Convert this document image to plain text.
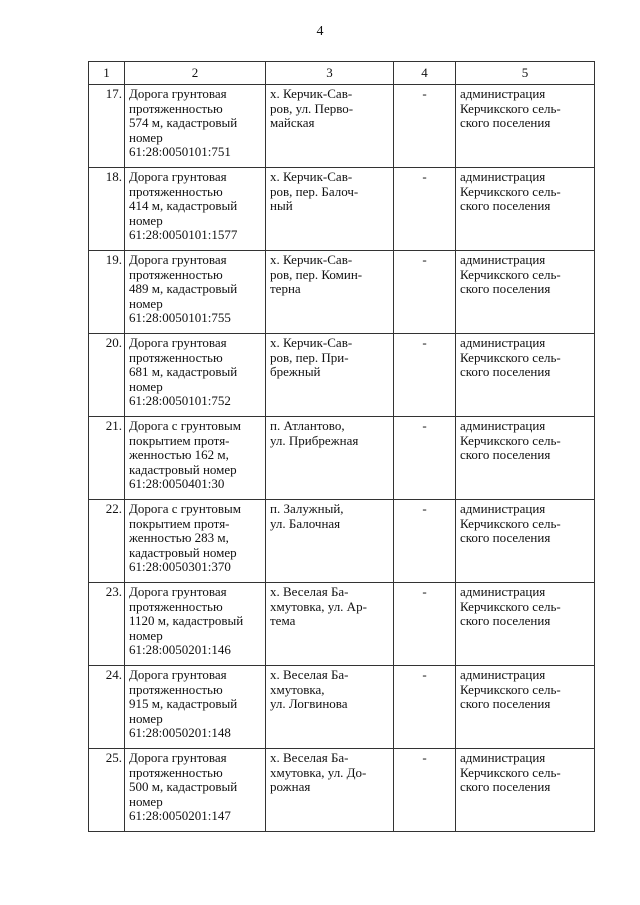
4
1	2	3	4	5
17.	Дорога грунтовая
протяженностью
574 м, кадастровый
номер
61:28:0050101:751	х. Керчик-Сав-
ров, ул. Перво-
майская	-	администрация
Керчикского сель-
ского поселения
18.	Дорога грунтовая
протяженностью
414 м, кадастровый
номер
61:28:0050101:1577	х. Керчик-Сав-
ров, пер. Балоч-
ный	-	администрация
Керчикского сель-
ского поселения
19.	Дорога грунтовая
протяженностью
489 м, кадастровый
номер
61:28:0050101:755	х. Керчик-Сав-
ров, пер. Комин-
терна	-	администрация
Керчикского сель-
ского поселения
20.	Дорога грунтовая
протяженностью
681 м, кадастровый
номер
61:28:0050101:752	х. Керчик-Сав-
ров, пер. При-
брежный	-	администрация
Керчикского сель-
ского поселения
21.	Дорога с грунтовым
покрытием протя-
женностью 162 м,
кадастровый номер
61:28:0050401:30	п. Атлантово,
ул. Прибрежная	-	администрация
Керчикского сель-
ского поселения
22.	Дорога с грунтовым
покрытием протя-
женностью 283 м,
кадастровый номер
61:28:0050301:370	п. Залужный,
ул. Балочная	-	администрация
Керчикского сель-
ского поселения
23.	Дорога грунтовая
протяженностью
1120 м, кадастровый
номер
61:28:0050201:146	х. Веселая Ба-
хмутовка, ул. Ар-
тема	-	администрация
Керчикского сель-
ского поселения
24.	Дорога грунтовая
протяженностью
915 м, кадастровый
номер
61:28:0050201:148	х. Веселая Ба-
хмутовка,
ул. Логвинова	-	администрация
Керчикского сель-
ского поселения
25.	Дорога грунтовая
протяженностью
500 м, кадастровый
номер
61:28:0050201:147	х. Веселая Ба-
хмутовка, ул. До-
рожная	-	администрация
Керчикского сель-
ского поселения
